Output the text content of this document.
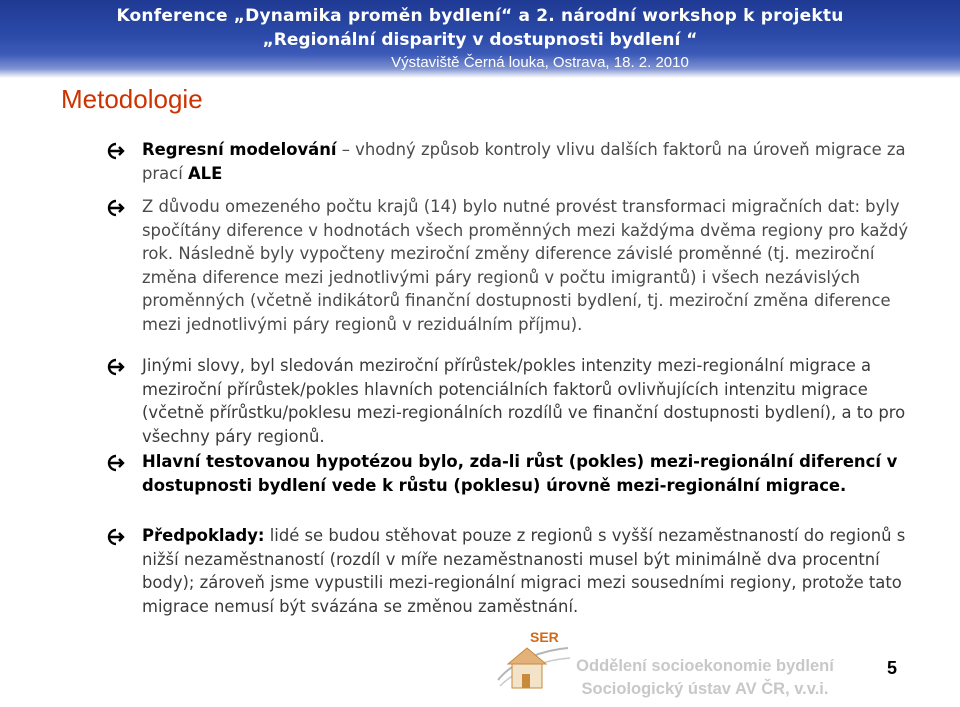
Konference „Dynamika proměn bydlení“ a 2. národní workshop k projektu
„Regionální disparity v dostupnosti bydlení “
Výstaviště Černá louka, Ostrava, 18. 2. 2010
Metodologie
Regresní modelování – vhodný způsob kontroly vlivu dalších faktorů na úroveň migrace za prací ALE
Z důvodu omezeného počtu krajů (14) bylo nutné provést transformaci migračních dat: byly spočítány diference v hodnotách všech proměnných mezi každýma dvěma regiony pro každý rok. Následně byly vypočteny meziroční změny diference závislé proměnné (tj. meziroční změna diference mezi jednotlivými páry regionů v počtu imigrantů) i všech nezávislých proměnných (včetně indikátorů finanční dostupnosti bydlení, tj. meziroční změna diference mezi jednotlivými páry regionů v reziduálním příjmu).
Jinými slovy, byl sledován meziroční přírůstek/pokles intenzity mezi-regionální migrace a meziroční přírůstek/pokles hlavních potenciálních faktorů ovlivňujících intenzitu migrace (včetně přírůstku/poklesu mezi-regionálních rozdílů ve finanční dostupnosti bydlení), a to pro všechny páry regionů.
Hlavní testovanou hypotézou bylo, zda-li růst (pokles) mezi-regionální diferencí v dostupnosti bydlení vede k růstu (poklesu) úrovně mezi-regionální migrace.
Předpoklady: lidé se budou stěhovat pouze z regionů s vyšší nezaměstnaností do regionů s nižší nezaměstnaností (rozdíl v míře nezaměstnanosti musel být minimálně dva procentní body); zároveň jsme vypustili mezi-regionální migraci mezi sousedními regiony, protože tato migrace nemusí být svázána se změnou zaměstnání.
SER
Oddělení socioekonomie bydlení
Sociologický ústav AV ČR, v.v.i.
5
